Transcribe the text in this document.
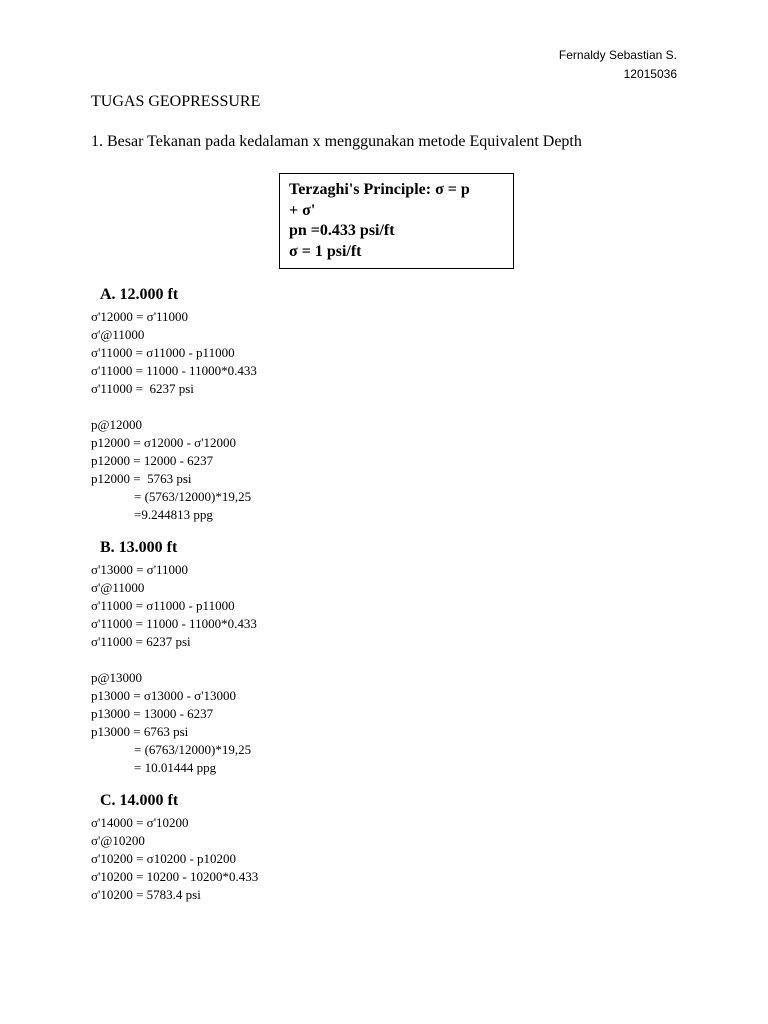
Fernaldy Sebastian S.
12015036
TUGAS GEOPRESSURE
1. Besar Tekanan pada kedalaman x menggunakan metode Equivalent Depth
Terzaghi's Principle: σ = p
+ σ'
pn =0.433 psi/ft
σ = 1 psi/ft
A. 12.000 ft
σ'12000 = σ'11000
σ'@11000
σ'11000 = σ11000 - p11000
σ'11000 = 11000 - 11000*0.433
σ'11000 =  6237 psi
p@12000
p12000 = σ12000 - σ'12000
p12000 = 12000 - 6237
p12000 =  5763 psi
= (5763/12000)*19,25
=9.244813 ppg
B. 13.000 ft
σ'13000 = σ'11000
σ'@11000
σ'11000 = σ11000 - p11000
σ'11000 = 11000 - 11000*0.433
σ'11000 = 6237 psi
p@13000
p13000 = σ13000 - σ'13000
p13000 = 13000 - 6237
p13000 = 6763 psi
= (6763/12000)*19,25
= 10.01444 ppg
C. 14.000 ft
σ'14000 = σ'10200
σ'@10200
σ'10200 = σ10200 - p10200
σ'10200 = 10200 - 10200*0.433
σ'10200 = 5783.4 psi
